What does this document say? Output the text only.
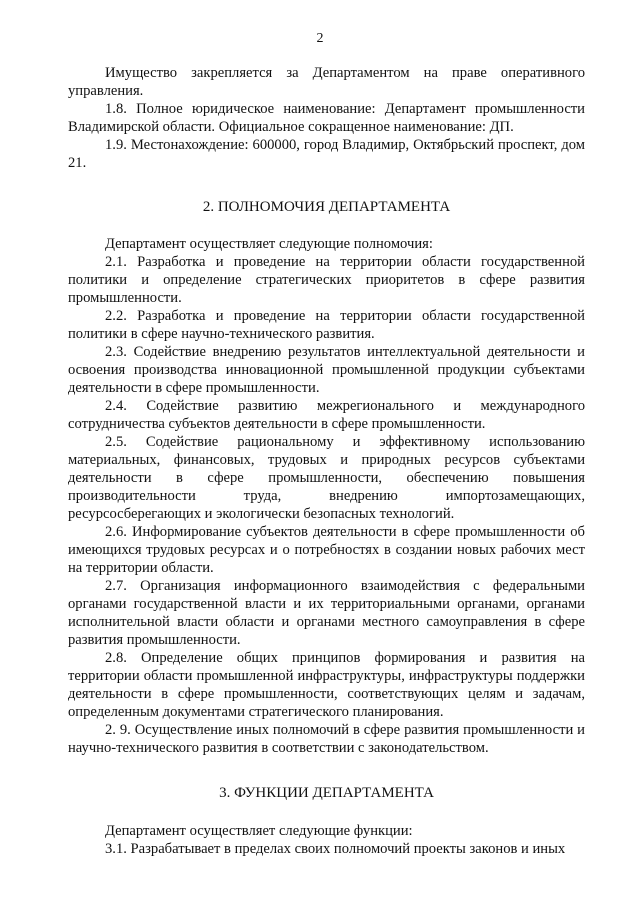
2

Имущество закрепляется за Департаментом на праве оперативного управления.

1.8. Полное юридическое наименование: Департамент промышленности Владимирской области. Официальное сокращенное наименование: ДП.

1.9. Местонахождение: 600000, город Владимир, Октябрьский проспект, дом 21.

2. ПОЛНОМОЧИЯ ДЕПАРТАМЕНТА

Департамент осуществляет следующие полномочия:

2.1. Разработка и проведение на территории области государственной политики и определение стратегических приоритетов в сфере развития промышленности.

2.2. Разработка и проведение на территории области государственной политики в сфере научно-технического развития.

2.3. Содействие внедрению результатов интеллектуальной деятельности и освоения производства инновационной промышленной продукции субъектами деятельности в сфере промышленности.

2.4. Содействие развитию межрегионального и международного сотрудничества субъектов деятельности в сфере промышленности.

2.5. Содействие рациональному и эффективному использованию материальных, финансовых, трудовых и природных ресурсов субъектами деятельности в сфере промышленности, обеспечению повышения производительности труда, внедрению импортозамещающих, ресурсосберегающих и экологически безопасных технологий.

2.6. Информирование субъектов деятельности в сфере промышленности об имеющихся трудовых ресурсах и о потребностях в создании новых рабочих мест на территории области.

2.7. Организация информационного взаимодействия с федеральными органами государственной власти и их территориальными органами, органами исполнительной власти области и органами местного самоуправления в сфере развития промышленности.

2.8. Определение общих принципов формирования и развития на территории области промышленной инфраструктуры, инфраструктуры поддержки деятельности в сфере промышленности, соответствующих целям и задачам, определенным документами стратегического планирования.

2. 9. Осуществление иных полномочий в сфере развития промышленности и научно-технического развития в соответствии с законодательством.

3. ФУНКЦИИ ДЕПАРТАМЕНТА

Департамент осуществляет следующие функции:

3.1. Разрабатывает в пределах своих полномочий проекты законов и иных
